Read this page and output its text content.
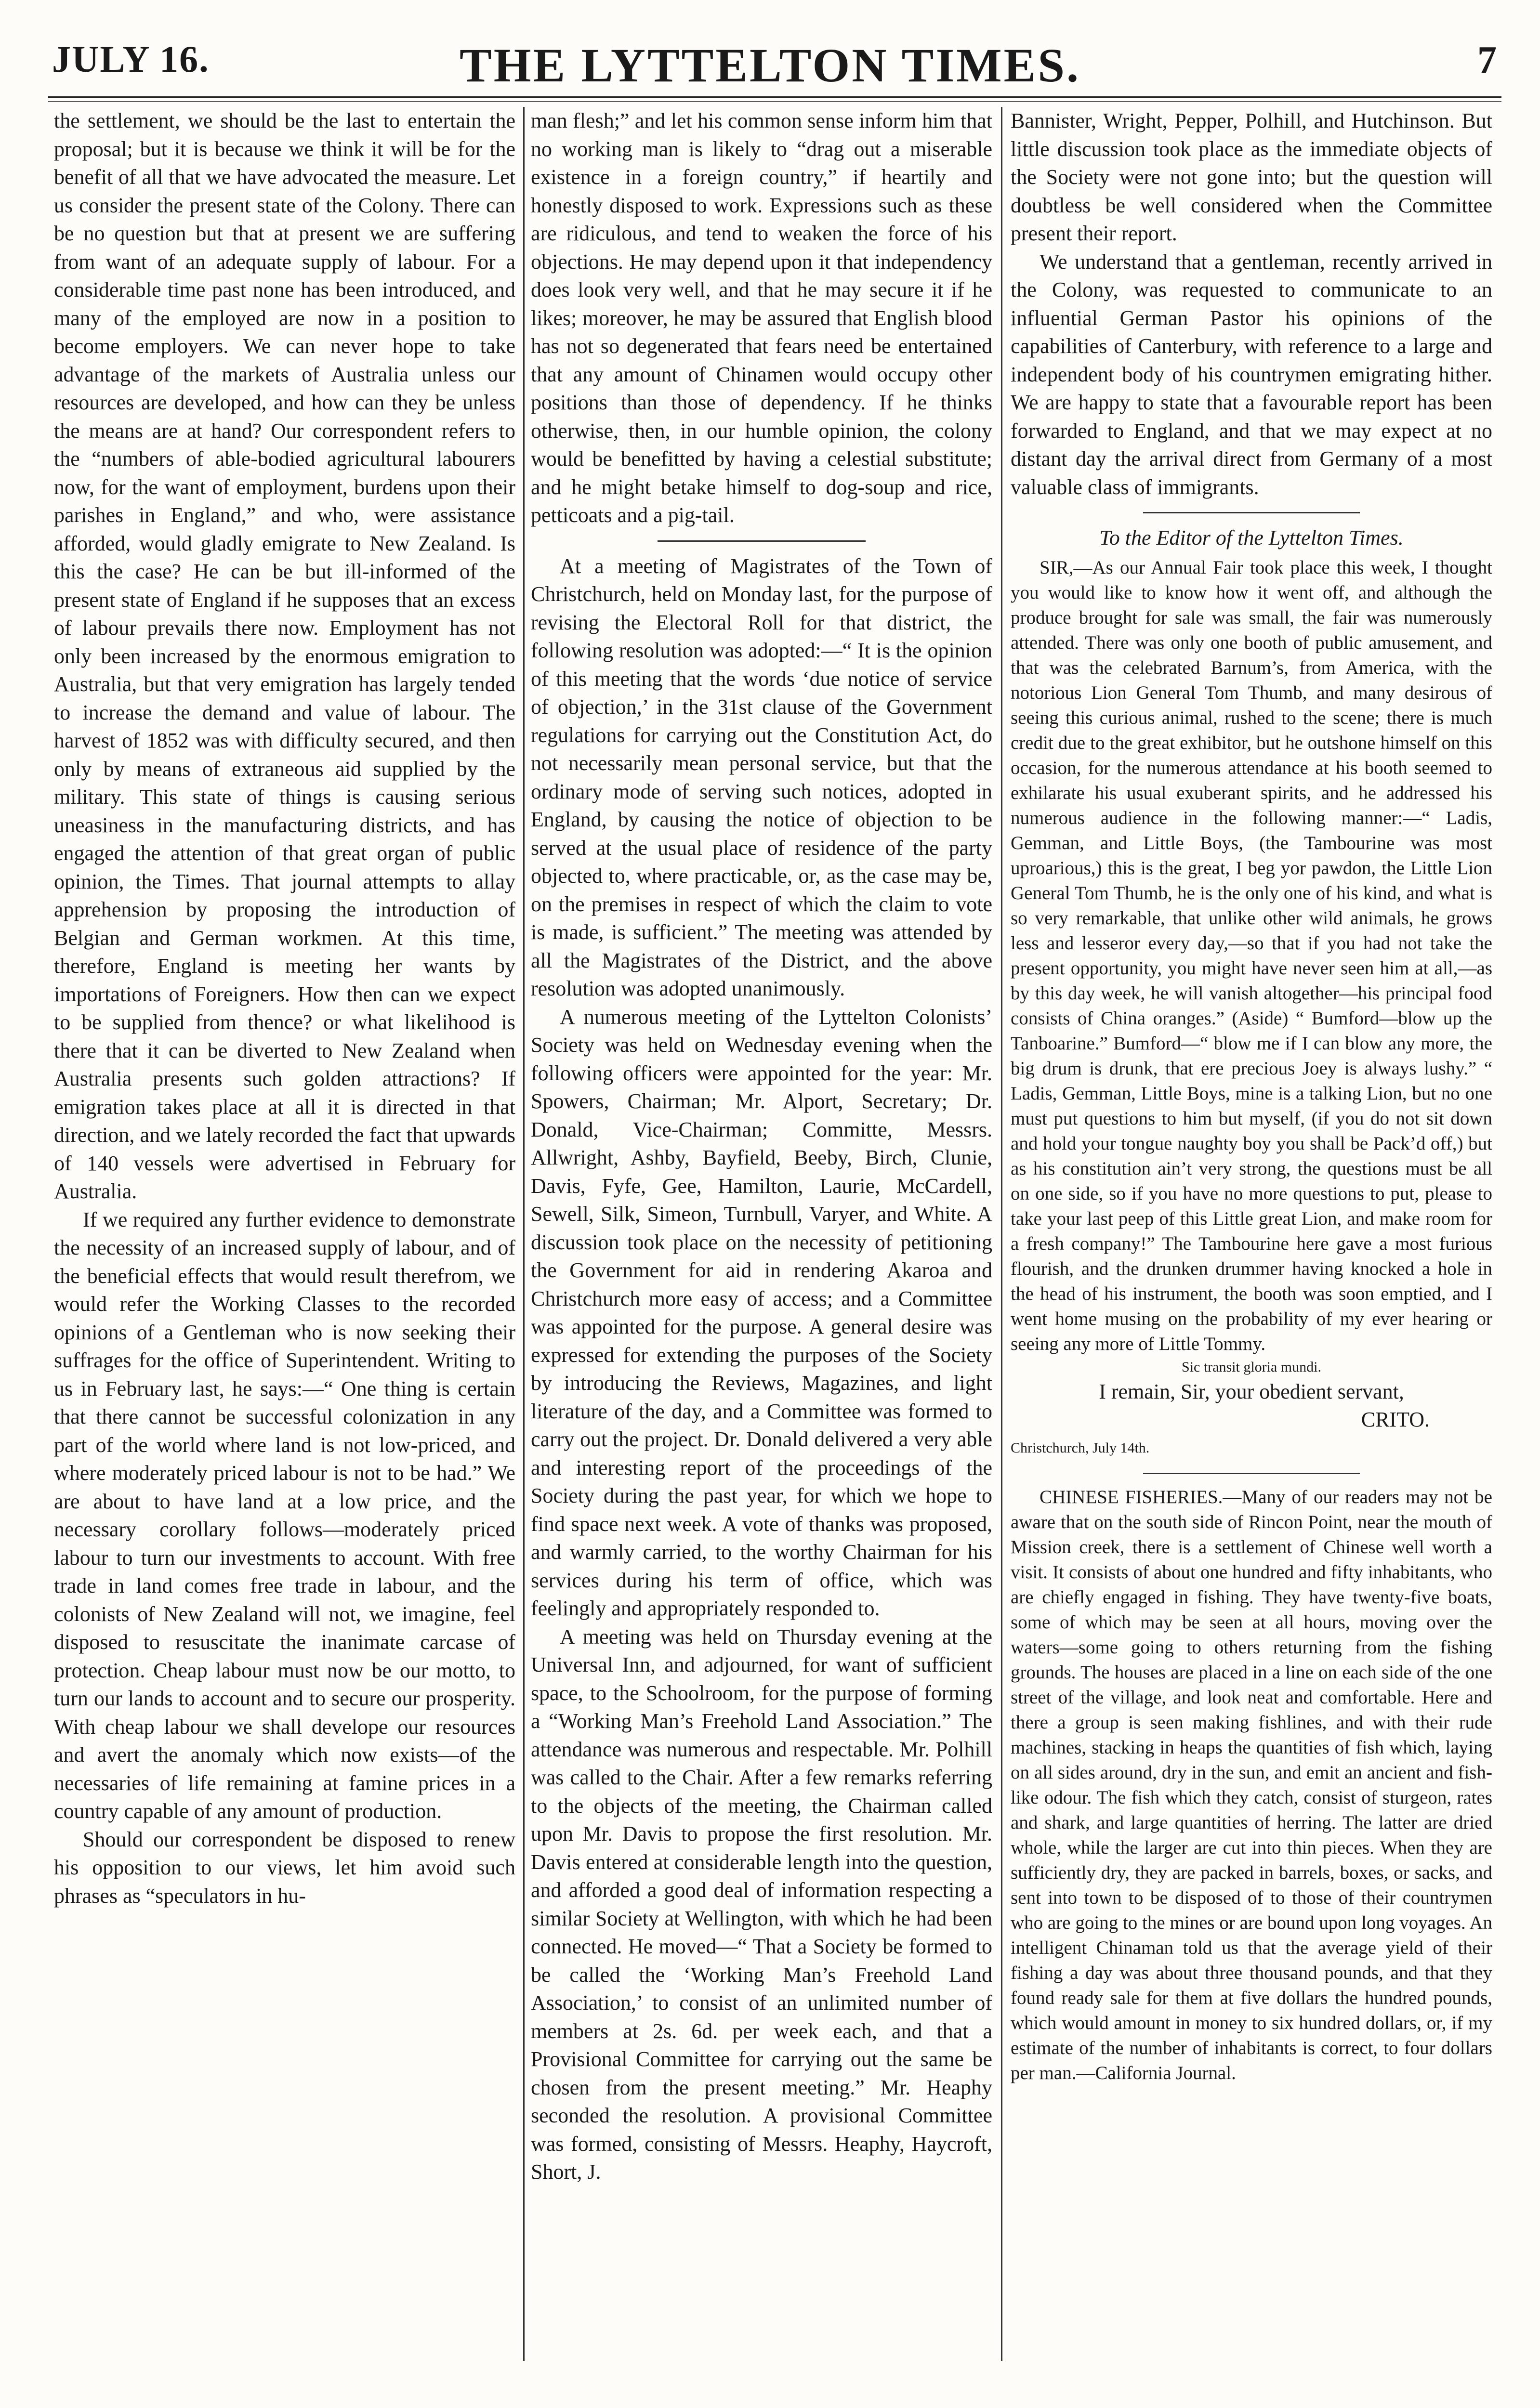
JULY 16.	THE LYTTELTON TIMES.	7

the settlement, we should be the last to entertain the proposal; but it is because we think it will be for the benefit of all that we have advocated the measure. Let us consider the present state of the Colony. There can be no question but that at present we are suffering from want of an adequate supply of labour. For a considerable time past none has been introduced, and many of the employed are now in a position to become employers. We can never hope to take advantage of the markets of Australia unless our resources are developed, and how can they be unless the means are at hand? Our correspondent refers to the “numbers of able-bodied agricultural labourers now, for the want of employment, burdens upon their parishes in England,” and who, were assistance afforded, would gladly emigrate to New Zealand. Is this the case? He can be but ill-informed of the present state of England if he supposes that an excess of labour prevails there now. Employment has not only been increased by the enormous emigration to Australia, but that very emigration has largely tended to increase the demand and value of labour. The harvest of 1852 was with difficulty secured, and then only by means of extraneous aid supplied by the military. This state of things is causing serious uneasiness in the manufacturing districts, and has engaged the attention of that great organ of public opinion, the Times. That journal attempts to allay apprehension by proposing the introduction of Belgian and German workmen. At this time, therefore, England is meeting her wants by importations of Foreigners. How then can we expect to be supplied from thence? or what likelihood is there that it can be diverted to New Zealand when Australia presents such golden attractions? If emigration takes place at all it is directed in that direction, and we lately recorded the fact that upwards of 140 vessels were advertised in February for Australia.

If we required any further evidence to demonstrate the necessity of an increased supply of labour, and of the beneficial effects that would result therefrom, we would refer the Working Classes to the recorded opinions of a Gentleman who is now seeking their suffrages for the office of Superintendent. Writing to us in February last, he says:—“ One thing is certain that there cannot be successful colonization in any part of the world where land is not low-priced, and where moderately priced labour is not to be had.” We are about to have land at a low price, and the necessary corollary follows—moderately priced labour to turn our investments to account. With free trade in land comes free trade in labour, and the colonists of New Zealand will not, we imagine, feel disposed to resuscitate the inanimate carcase of protection. Cheap labour must now be our motto, to turn our lands to account and to secure our prosperity. With cheap labour we shall develope our resources and avert the anomaly which now exists—of the necessaries of life remaining at famine prices in a country capable of any amount of production.

Should our correspondent be disposed to renew his opposition to our views, let him avoid such phrases as “speculators in hu-

man flesh;” and let his common sense inform him that no working man is likely to “drag out a miserable existence in a foreign country,” if heartily and honestly disposed to work. Expressions such as these are ridiculous, and tend to weaken the force of his objections. He may depend upon it that independency does look very well, and that he may secure it if he likes; moreover, he may be assured that English blood has not so degenerated that fears need be entertained that any amount of Chinamen would occupy other positions than those of dependency. If he thinks otherwise, then, in our humble opinion, the colony would be benefitted by having a celestial substitute; and he might betake himself to dog-soup and rice, petticoats and a pig-tail.

At a meeting of Magistrates of the Town of Christchurch, held on Monday last, for the purpose of revising the Electoral Roll for that district, the following resolution was adopted:—“ It is the opinion of this meeting that the words ‘due notice of service of objection,’ in the 31st clause of the Government regulations for carrying out the Constitution Act, do not necessarily mean personal service, but that the ordinary mode of serving such notices, adopted in England, by causing the notice of objection to be served at the usual place of residence of the party objected to, where practicable, or, as the case may be, on the premises in respect of which the claim to vote is made, is sufficient.” The meeting was attended by all the Magistrates of the District, and the above resolution was adopted unanimously.

A numerous meeting of the Lyttelton Colonists’ Society was held on Wednesday evening when the following officers were appointed for the year: Mr. Spowers, Chairman; Mr. Alport, Secretary; Dr. Donald, Vice-Chairman; Committe, Messrs. Allwright, Ashby, Bayfield, Beeby, Birch, Clunie, Davis, Fyfe, Gee, Hamilton, Laurie, McCardell, Sewell, Silk, Simeon, Turnbull, Varyer, and White. A discussion took place on the necessity of petitioning the Government for aid in rendering Akaroa and Christchurch more easy of access; and a Committee was appointed for the purpose. A general desire was expressed for extending the purposes of the Society by introducing the Reviews, Magazines, and light literature of the day, and a Committee was formed to carry out the project. Dr. Donald delivered a very able and interesting report of the proceedings of the Society during the past year, for which we hope to find space next week. A vote of thanks was proposed, and warmly carried, to the worthy Chairman for his services during his term of office, which was feelingly and appropriately responded to.

A meeting was held on Thursday evening at the Universal Inn, and adjourned, for want of sufficient space, to the Schoolroom, for the purpose of forming a “Working Man’s Freehold Land Association.” The attendance was numerous and respectable. Mr. Polhill was called to the Chair. After a few remarks referring to the objects of the meeting, the Chairman called upon Mr. Davis to propose the first resolution. Mr. Davis entered at considerable length into the question, and afforded a good deal of information respecting a similar Society at Wellington, with which he had been connected. He moved—“ That a Society be formed to be called the ‘Working Man’s Freehold Land Association,’ to consist of an unlimited number of members at 2s. 6d. per week each, and that a Provisional Committee for carrying out the same be chosen from the present meeting.” Mr. Heaphy seconded the resolution. A provisional Committee was formed, consisting of Messrs. Heaphy, Haycroft, Short, J.

Bannister, Wright, Pepper, Polhill, and Hutchinson. But little discussion took place as the immediate objects of the Society were not gone into; but the question will doubtless be well considered when the Committee present their report.

We understand that a gentleman, recently arrived in the Colony, was requested to communicate to an influential German Pastor his opinions of the capabilities of Canterbury, with reference to a large and independent body of his countrymen emigrating hither. We are happy to state that a favourable report has been forwarded to England, and that we may expect at no distant day the arrival direct from Germany of a most valuable class of immigrants.

To the Editor of the Lyttelton Times.

SIR,—As our Annual Fair took place this week, I thought you would like to know how it went off, and although the produce brought for sale was small, the fair was numerously attended. There was only one booth of public amusement, and that was the celebrated Barnum’s, from America, with the notorious Lion General Tom Thumb, and many desirous of seeing this curious animal, rushed to the scene; there is much credit due to the great exhibitor, but he outshone himself on this occasion, for the numerous attendance at his booth seemed to exhilarate his usual exuberant spirits, and he addressed his numerous audience in the following manner:—“ Ladis, Gemman, and Little Boys, (the Tambourine was most uproarious,) this is the great, I beg yor pawdon, the Little Lion General Tom Thumb, he is the only one of his kind, and what is so very remarkable, that unlike other wild animals, he grows less and lesseror every day,—so that if you had not take the present opportunity, you might have never seen him at all,—as by this day week, he will vanish altogether—his principal food consists of China oranges.” (Aside) “ Bumford—blow up the Tanboarine.” Bumford—“ blow me if I can blow any more, the big drum is drunk, that ere precious Joey is always lushy.” “ Ladis, Gemman, Little Boys, mine is a talking Lion, but no one must put questions to him but myself, (if you do not sit down and hold your tongue naughty boy you shall be Pack’d off,) but as his constitution ain’t very strong, the questions must be all on one side, so if you have no more questions to put, please to take your last peep of this Little great Lion, and make room for a fresh company!” The Tambourine here gave a most furious flourish, and the drunken drummer having knocked a hole in the head of his instrument, the booth was soon emptied, and I went home musing on the probability of my ever hearing or seeing any more of Little Tommy.

Sic transit gloria mundi.

I remain, Sir, your obedient servant,

CRITO.

Christchurch, July 14th.

CHINESE FISHERIES.—Many of our readers may not be aware that on the south side of Rincon Point, near the mouth of Mission creek, there is a settlement of Chinese well worth a visit. It consists of about one hundred and fifty inhabitants, who are chiefly engaged in fishing. They have twenty-five boats, some of which may be seen at all hours, moving over the waters—some going to others returning from the fishing grounds. The houses are placed in a line on each side of the one street of the village, and look neat and comfortable. Here and there a group is seen making fishlines, and with their rude machines, stacking in heaps the quantities of fish which, laying on all sides around, dry in the sun, and emit an ancient and fish-like odour. The fish which they catch, consist of sturgeon, rates and shark, and large quantities of herring. The latter are dried whole, while the larger are cut into thin pieces. When they are sufficiently dry, they are packed in barrels, boxes, or sacks, and sent into town to be disposed of to those of their countrymen who are going to the mines or are bound upon long voyages. An intelligent Chinaman told us that the average yield of their fishing a day was about three thousand pounds, and that they found ready sale for them at five dollars the hundred pounds, which would amount in money to six hundred dollars, or, if my estimate of the number of inhabitants is correct, to four dollars per man.—California Journal.
